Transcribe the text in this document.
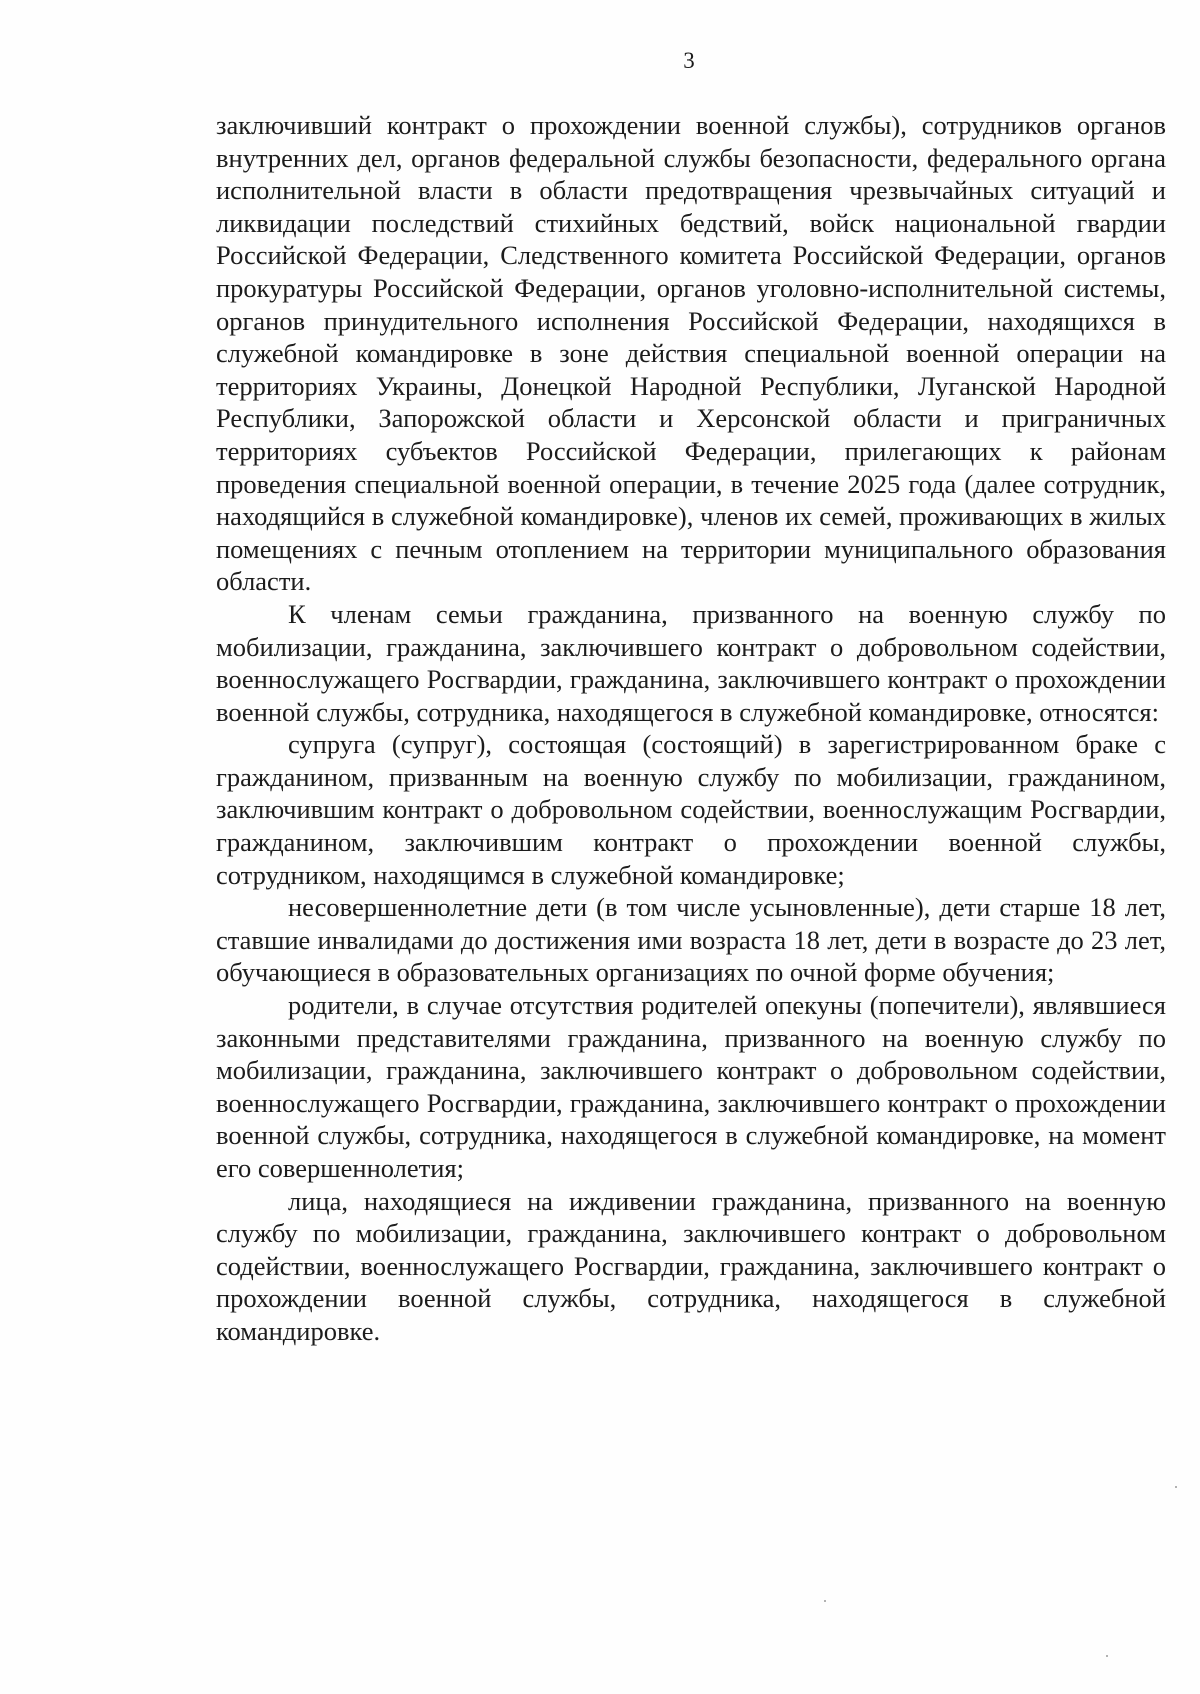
3

заключивший контракт о прохождении военной службы), сотрудников органов внутренних дел, органов федеральной службы безопасности, федерального органа исполнительной власти в области предотвращения чрезвычайных ситуаций и ликвидации последствий стихийных бедствий, войск национальной гвардии Российской Федерации, Следственного комитета Российской Федерации, органов прокуратуры Российской Федерации, органов уголовно-исполнительной системы, органов принудительного исполнения Российской Федерации, находящихся в служебной командировке в зоне действия специальной военной операции на территориях Украины, Донецкой Народной Республики, Луганской Народной Республики, Запорожской области и Херсонской области и приграничных территориях субъектов Российской Федерации, прилегающих к районам проведения специальной военной операции, в течение 2025 года (далее сотрудник, находящийся в служебной командировке), членов их семей, проживающих в жилых помещениях с печным отоплением на территории муниципального образования области.

К членам семьи гражданина, призванного на военную службу по мобилизации, гражданина, заключившего контракт о добровольном содействии, военнослужащего Росгвардии, гражданина, заключившего контракт о прохождении военной службы, сотрудника, находящегося в служебной командировке, относятся:

супруга (супруг), состоящая (состоящий) в зарегистрированном браке с гражданином, призванным на военную службу по мобилизации, гражданином, заключившим контракт о добровольном содействии, военнослужащим Росгвардии, гражданином, заключившим контракт о прохождении военной службы, сотрудником, находящимся в служебной командировке;

несовершеннолетние дети (в том числе усыновленные), дети старше 18 лет, ставшие инвалидами до достижения ими возраста 18 лет, дети в возрасте до 23 лет, обучающиеся в образовательных организациях по очной форме обучения;

родители, в случае отсутствия родителей опекуны (попечители), являвшиеся законными представителями гражданина, призванного на военную службу по мобилизации, гражданина, заключившего контракт о добровольном содействии, военнослужащего Росгвардии, гражданина, заключившего контракт о прохождении военной службы, сотрудника, находящегося в служебной командировке, на момент его совершеннолетия;

лица, находящиеся на иждивении гражданина, призванного на военную службу по мобилизации, гражданина, заключившего контракт о добровольном содействии, военнослужащего Росгвардии, гражданина, заключившего контракт о прохождении военной службы, сотрудника, находящегося в служебной командировке.
